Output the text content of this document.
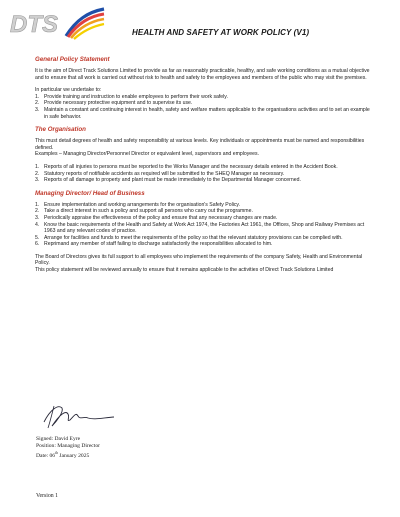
DTS	HEALTH AND SAFETY AT WORK POLICY (V1)
General Policy Statement

It is the aim of Direct Track Solutions Limited to provide as far as reasonably practicable, healthy, and safe working conditions as a mutual objective and to ensure that all work is carried out without risk to health and safety to the employees and members of the public who may visit the premises.

In particular we undertake to:

1. Provide training and instruction to enable employees to perform their work safely.
2. Provide necessary protective equipment and to supervise its use.
3. Maintain a constant and continuing interest in health, safety and welfare matters applicable to the organisations activities and to set an example in safe behavior.
The Organisation

This must detail degrees of health and safety responsibility at various levels. Key individuals or appointments must be named and responsibilities defined.

Examples – Managing Director/Personnel Director or equivalent level, supervisors and employees.

1. Reports of all injuries to persons must be reported to the Works Manager and the necessary details entered in the Accident Book.
2. Statutory reports of notifiable accidents as required will be submitted to the SHEQ Manager as necessary.
3. Reports of all damage to property and plant must be made immediately to the Departmental Manager concerned.
Managing Director/ Head of Business
1. Ensure implementation and working arrangements for the organisation's Safety Policy.
2. Take a direct interest in such a policy and support all persons who carry out the programme.
3. Periodically appraise the effectiveness of the policy and ensure that any necessary changes are made.
4. Know the basic requirements of the Health and Safety at Work Act 1974, the Factories Act 1961, the Offices, Shop and Railway Premises act 1963 and any relevant codes of practice.
5. Arrange for facilities and funds to meet the requirements of the policy so that the relevant statutory provisions can be complied with.
6. Reprimand any member of staff failing to discharge satisfactorily the responsibilities allocated to him.

The Board of Directors gives its full support to all employees who implement the requirements of the company Safety, Health and Environmental Policy.

This policy statement will be reviewed annually to ensure that it remains applicable to the activities of Direct Track Solutions Limited

Signed: David Eyre
Position: Managing Director
Date: 06th January 2025
Version 1
